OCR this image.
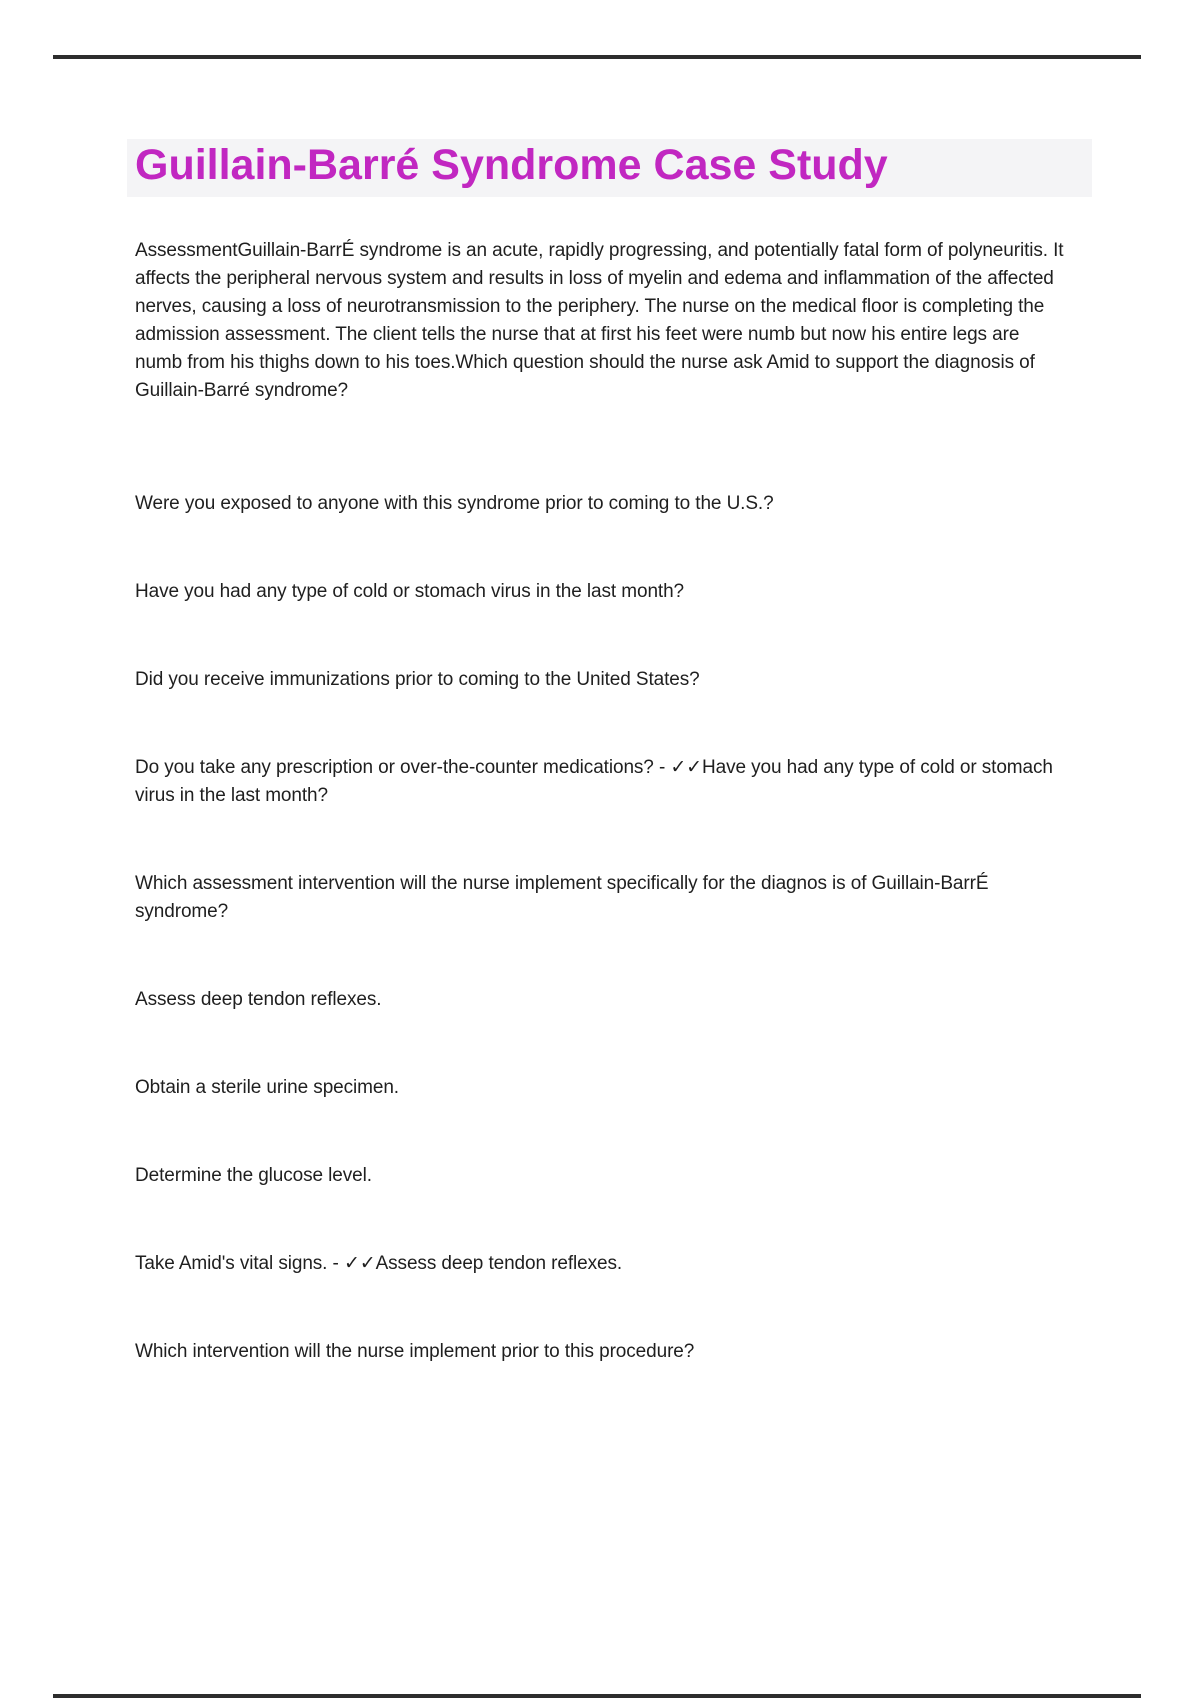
Guillain-Barré Syndrome Case Study

AssessmentGuillain-BarrÉ syndrome is an acute, rapidly progressing, and potentially fatal form of polyneuritis. It affects the peripheral nervous system and results in loss of myelin and edema and inflammation of the affected nerves, causing a loss of neurotransmission to the periphery. The nurse on the medical floor is completing the admission assessment. The client tells the nurse that at first his feet were numb but now his entire legs are numb from his thighs down to his toes.Which question should the nurse ask Amid to support the diagnosis of Guillain-Barré syndrome?

Were you exposed to anyone with this syndrome prior to coming to the U.S.?

Have you had any type of cold or stomach virus in the last month?

Did you receive immunizations prior to coming to the United States?

Do you take any prescription or over-the-counter medications? - ✓✓Have you had any type of cold or stomach virus in the last month?

Which assessment intervention will the nurse implement specifically for the diagnos is of Guillain-BarrÉ syndrome?

Assess deep tendon reflexes.

Obtain a sterile urine specimen.

Determine the glucose level.

Take Amid's vital signs. - ✓✓Assess deep tendon reflexes.

Which intervention will the nurse implement prior to this procedure?
